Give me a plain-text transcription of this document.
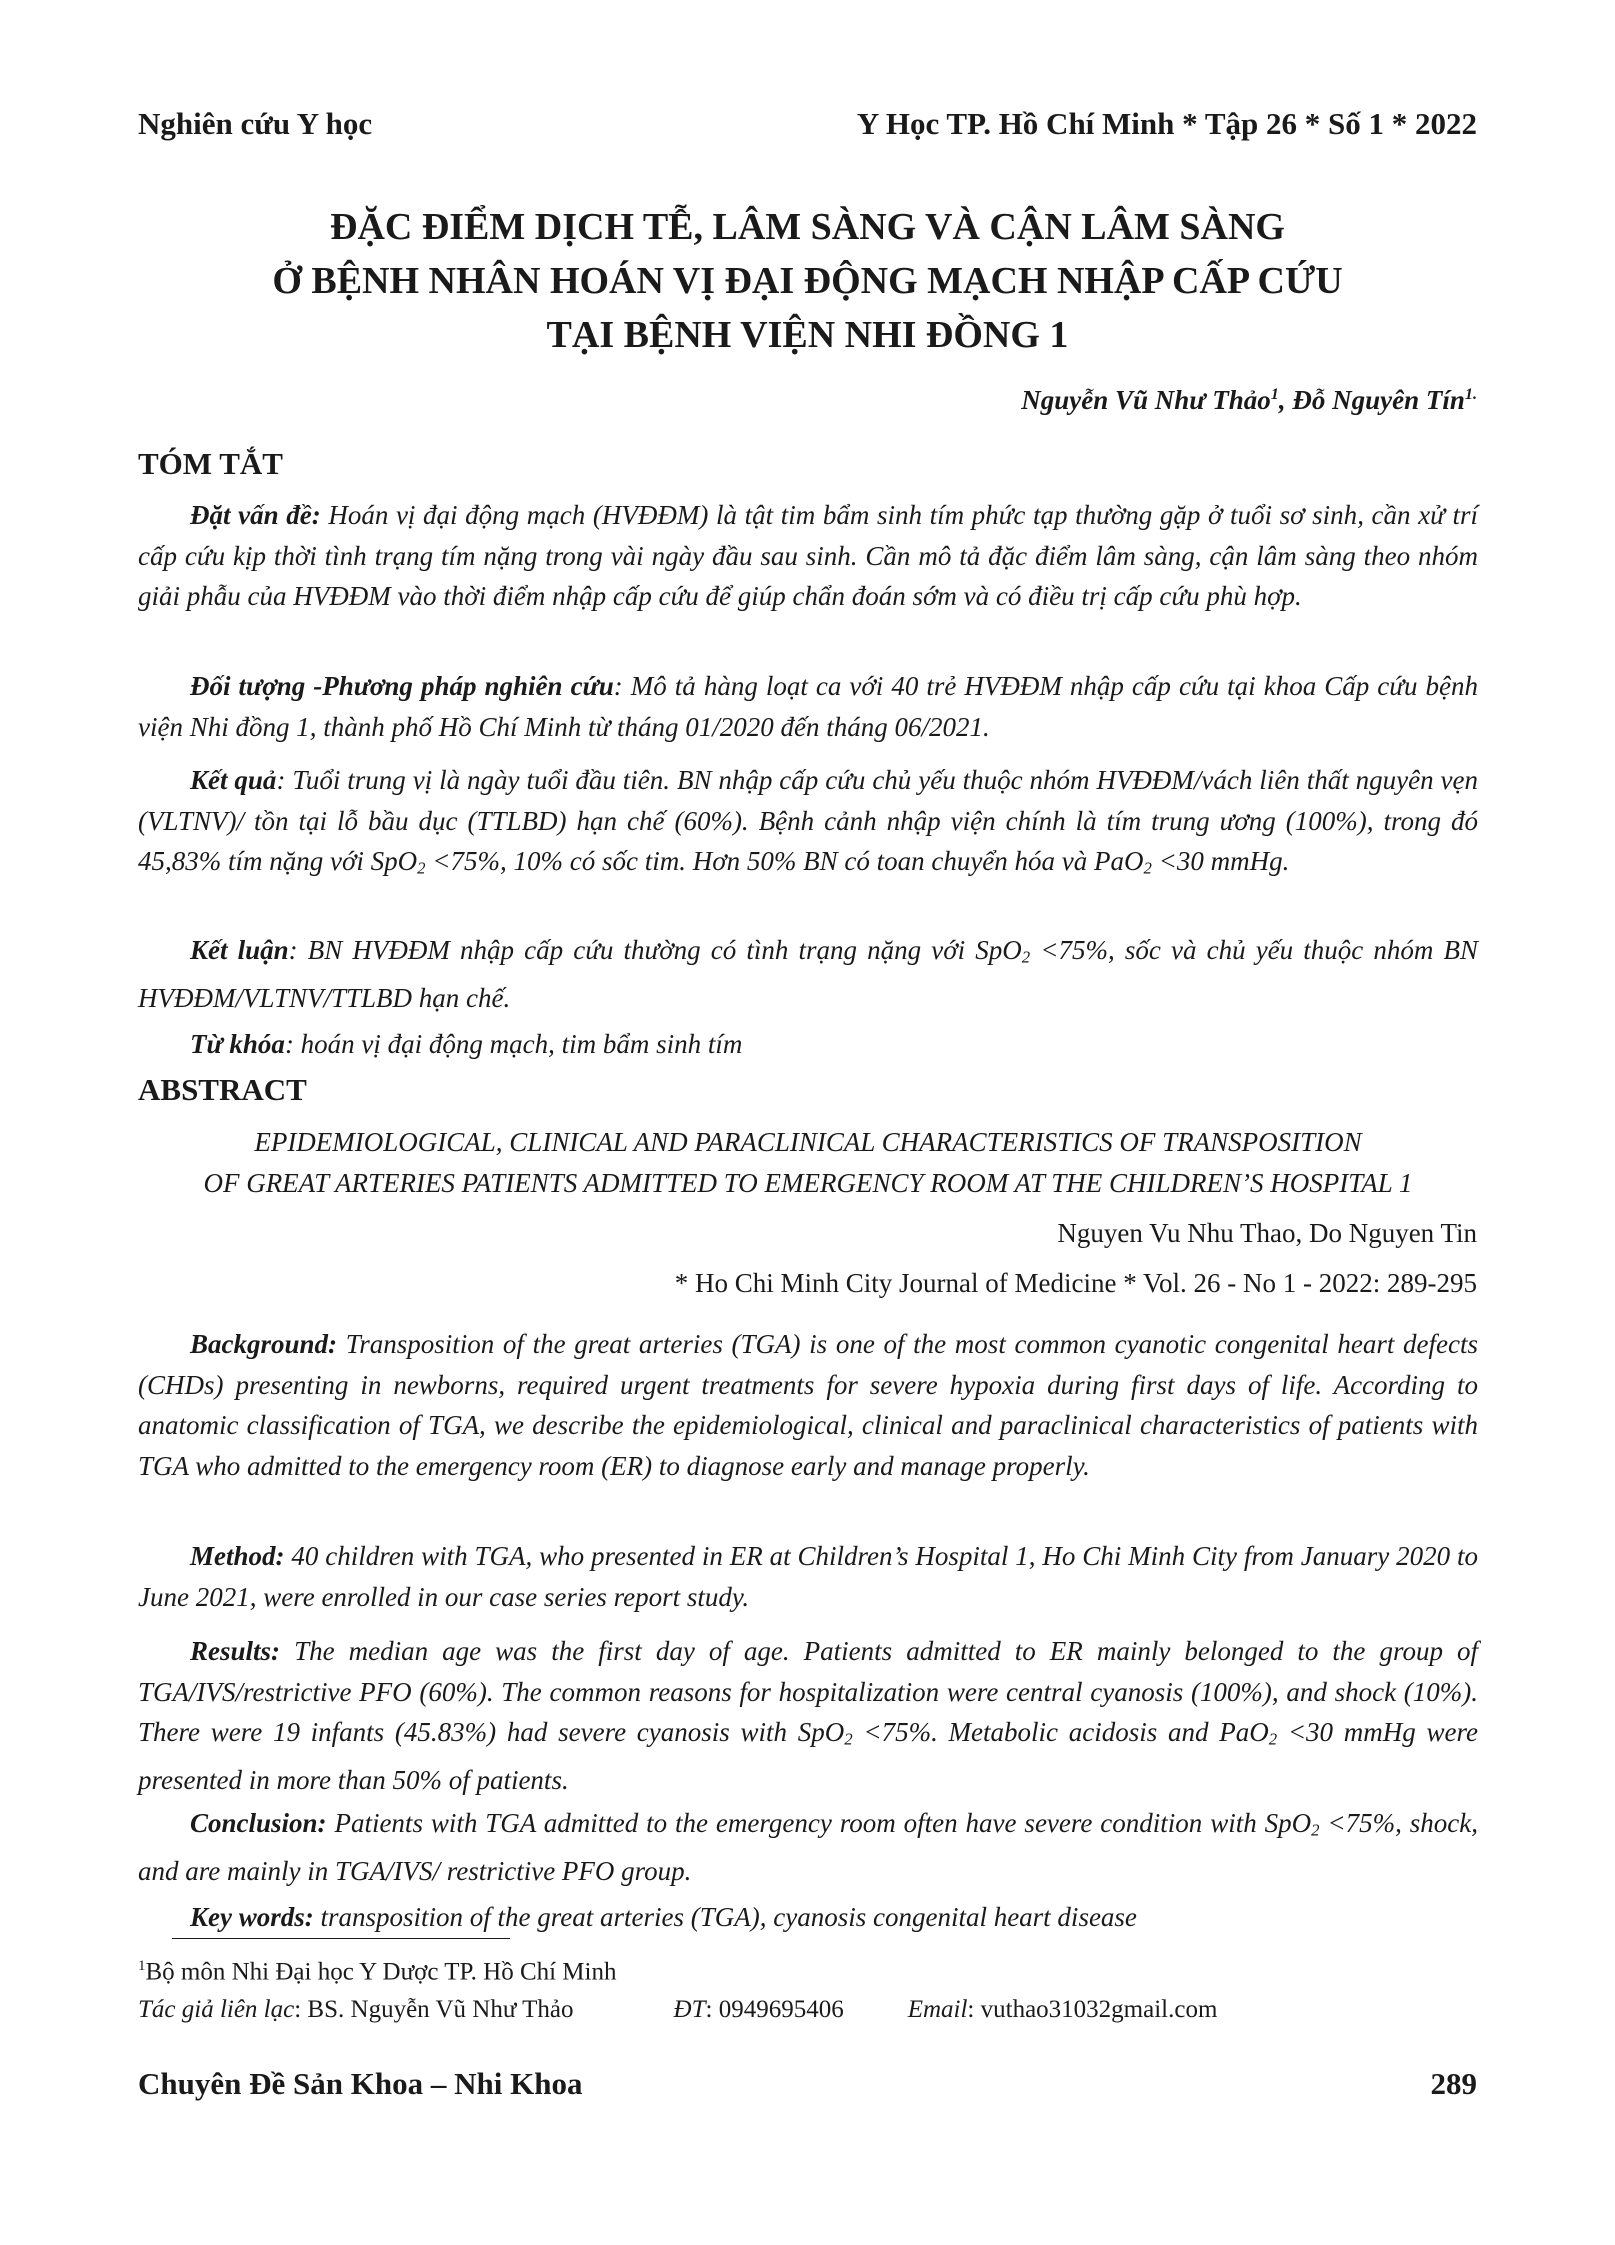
Nghiên cứu Y học	Y Học TP. Hồ Chí Minh * Tập 26 * Số 1 * 2022
ĐẶC ĐIỂM DỊCH TỄ, LÂM SÀNG VÀ CẬN LÂM SÀNG
Ở BỆNH NHÂN HOÁN VỊ ĐẠI ĐỘNG MẠCH NHẬP CẤP CỨU
TẠI BỆNH VIỆN NHI ĐỒNG 1
Nguyễn Vũ Như Thảo$^1$, Đỗ Nguyên Tín$^{1.}$
TÓM TẮT

Đặt vấn đề: Hoán vị đại động mạch (HVĐĐM) là tật tim bẩm sinh tím phức tạp thường gặp ở tuổi sơ sinh, cần xử trí cấp cứu kịp thời tình trạng tím nặng trong vài ngày đầu sau sinh. Cần mô tả đặc điểm lâm sàng, cận lâm sàng theo nhóm giải phẫu của HVĐĐM vào thời điểm nhập cấp cứu để giúp chẩn đoán sớm và có điều trị cấp cứu phù hợp.

Đối tượng -Phương pháp nghiên cứu: Mô tả hàng loạt ca với 40 trẻ HVĐĐM nhập cấp cứu tại khoa Cấp cứu bệnh viện Nhi đồng 1, thành phố Hồ Chí Minh từ tháng 01/2020 đến tháng 06/2021.

Kết quả: Tuổi trung vị là ngày tuổi đầu tiên. BN nhập cấp cứu chủ yếu thuộc nhóm HVĐĐM/vách liên thất nguyên vẹn (VLTNV)/ tồn tại lỗ bầu dục (TTLBD) hạn chế (60%). Bệnh cảnh nhập viện chính là tím trung ương (100%), trong đó 45,83% tím nặng với SpO$_2$ <75%, 10% có sốc tim. Hơn 50% BN có toan chuyển hóa và PaO$_2$ <30 mmHg.

Kết luận: BN HVĐĐM nhập cấp cứu thường có tình trạng nặng với SpO$_2$ <75%, sốc và chủ yếu thuộc nhóm BN HVĐĐM/VLTNV/TTLBD hạn chế.

Từ khóa: hoán vị đại động mạch, tim bẩm sinh tím

ABSTRACT
EPIDEMIOLOGICAL, CLINICAL AND PARACLINICAL CHARACTERISTICS OF TRANSPOSITION
OF GREAT ARTERIES PATIENTS ADMITTED TO EMERGENCY ROOM AT THE CHILDREN’S HOSPITAL 1
Nguyen Vu Nhu Thao, Do Nguyen Tin
* Ho Chi Minh City Journal of Medicine * Vol. 26 - No 1 - 2022: 289-295

Background: Transposition of the great arteries (TGA) is one of the most common cyanotic congenital heart defects (CHDs) presenting in newborns, required urgent treatments for severe hypoxia during first days of life. According to anatomic classification of TGA, we describe the epidemiological, clinical and paraclinical characteristics of patients with TGA who admitted to the emergency room (ER) to diagnose early and manage properly.

Method: 40 children with TGA, who presented in ER at Children’s Hospital 1, Ho Chi Minh City from January 2020 to June 2021, were enrolled in our case series report study.

Results: The median age was the first day of age. Patients admitted to ER mainly belonged to the group of TGA/IVS/restrictive PFO (60%). The common reasons for hospitalization were central cyanosis (100%), and shock (10%). There were 19 infants (45.83%) had severe cyanosis with SpO$_2$ <75%. Metabolic acidosis and PaO$_2$ <30 mmHg were presented in more than 50% of patients.

Conclusion: Patients with TGA admitted to the emergency room often have severe condition with SpO$_2$ <75%, shock, and are mainly in TGA/IVS/ restrictive PFO group.

Key words: transposition of the great arteries (TGA), cyanosis congenital heart disease

$^1$Bộ môn Nhi Đại học Y Dược TP. Hồ Chí Minh
Tác giả liên lạc: BS. Nguyễn Vũ Như Thảo	ĐT: 0949695406	Email: vuthao31032gmail.com
Chuyên Đề Sản Khoa – Nhi Khoa	289
